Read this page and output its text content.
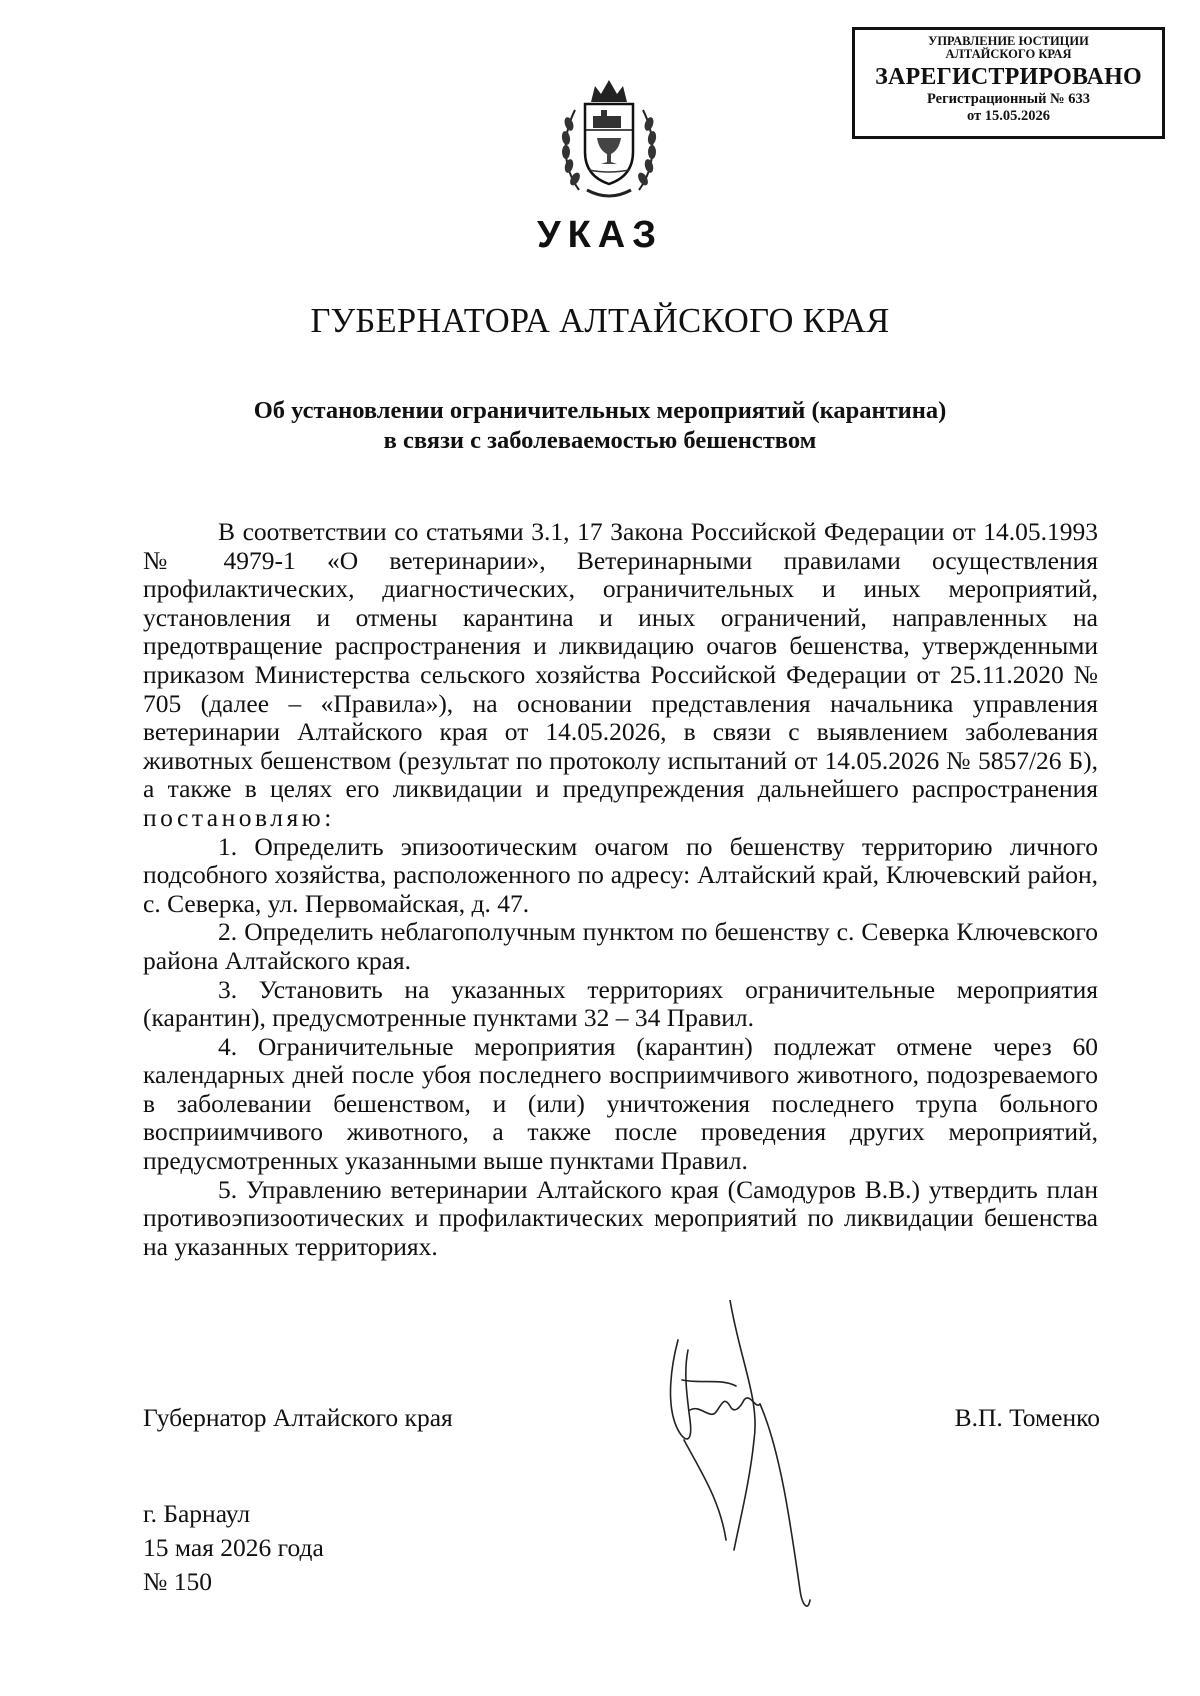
УПРАВЛЕНИЕ ЮСТИЦИИ
АЛТАЙСКОГО КРАЯ
ЗАРЕГИСТРИРОВАНО
Регистрационный № 633
от 15.05.2026
УКАЗ
ГУБЕРНАТОРА АЛТАЙСКОГО КРАЯ
Об установлении ограничительных мероприятий (карантина)
в связи с заболеваемостью бешенством

В соответствии со статьями 3.1, 17 Закона Российской Федерации от 14.05.1993 № 4979-1 «О ветеринарии», Ветеринарными правилами осуществления профилактических, диагностических, ограничительных и иных мероприятий, установления и отмены карантина и иных ограничений, направленных на предотвращение распространения и ликвидацию очагов бешенства, утвержденными приказом Министерства сельского хозяйства Российской Федерации от 25.11.2020 № 705 (далее – «Правила»), на основании представления начальника управления ветеринарии Алтайского края от 14.05.2026, в связи с выявлением заболевания животных бешенством (результат по протоколу испытаний от 14.05.2026 № 5857/26 Б), а также в целях его ликвидации и предупреждения дальнейшего распространения постановляю:

1. Определить эпизоотическим очагом по бешенству территорию личного подсобного хозяйства, расположенного по адресу: Алтайский край, Ключевский район, с. Северка, ул. Первомайская, д. 47.

2. Определить неблагополучным пунктом по бешенству с. Северка Ключевского района Алтайского края.

3. Установить на указанных территориях ограничительные мероприятия (карантин), предусмотренные пунктами 32 – 34 Правил.

4. Ограничительные мероприятия (карантин) подлежат отмене через 60 календарных дней после убоя последнего восприимчивого животного, подозреваемого в заболевании бешенством, и (или) уничтожения последнего трупа больного восприимчивого животного, а также после проведения других мероприятий, предусмотренных указанными выше пунктами Правил.

5. Управлению ветеринарии Алтайского края (Самодуров В.В.) утвердить план противоэпизоотических и профилактических мероприятий по ликвидации бешенства на указанных территориях.

Губернатор Алтайского края	В.П. Томенко
г. Барнаул
15 мая 2026 года
№ 150
